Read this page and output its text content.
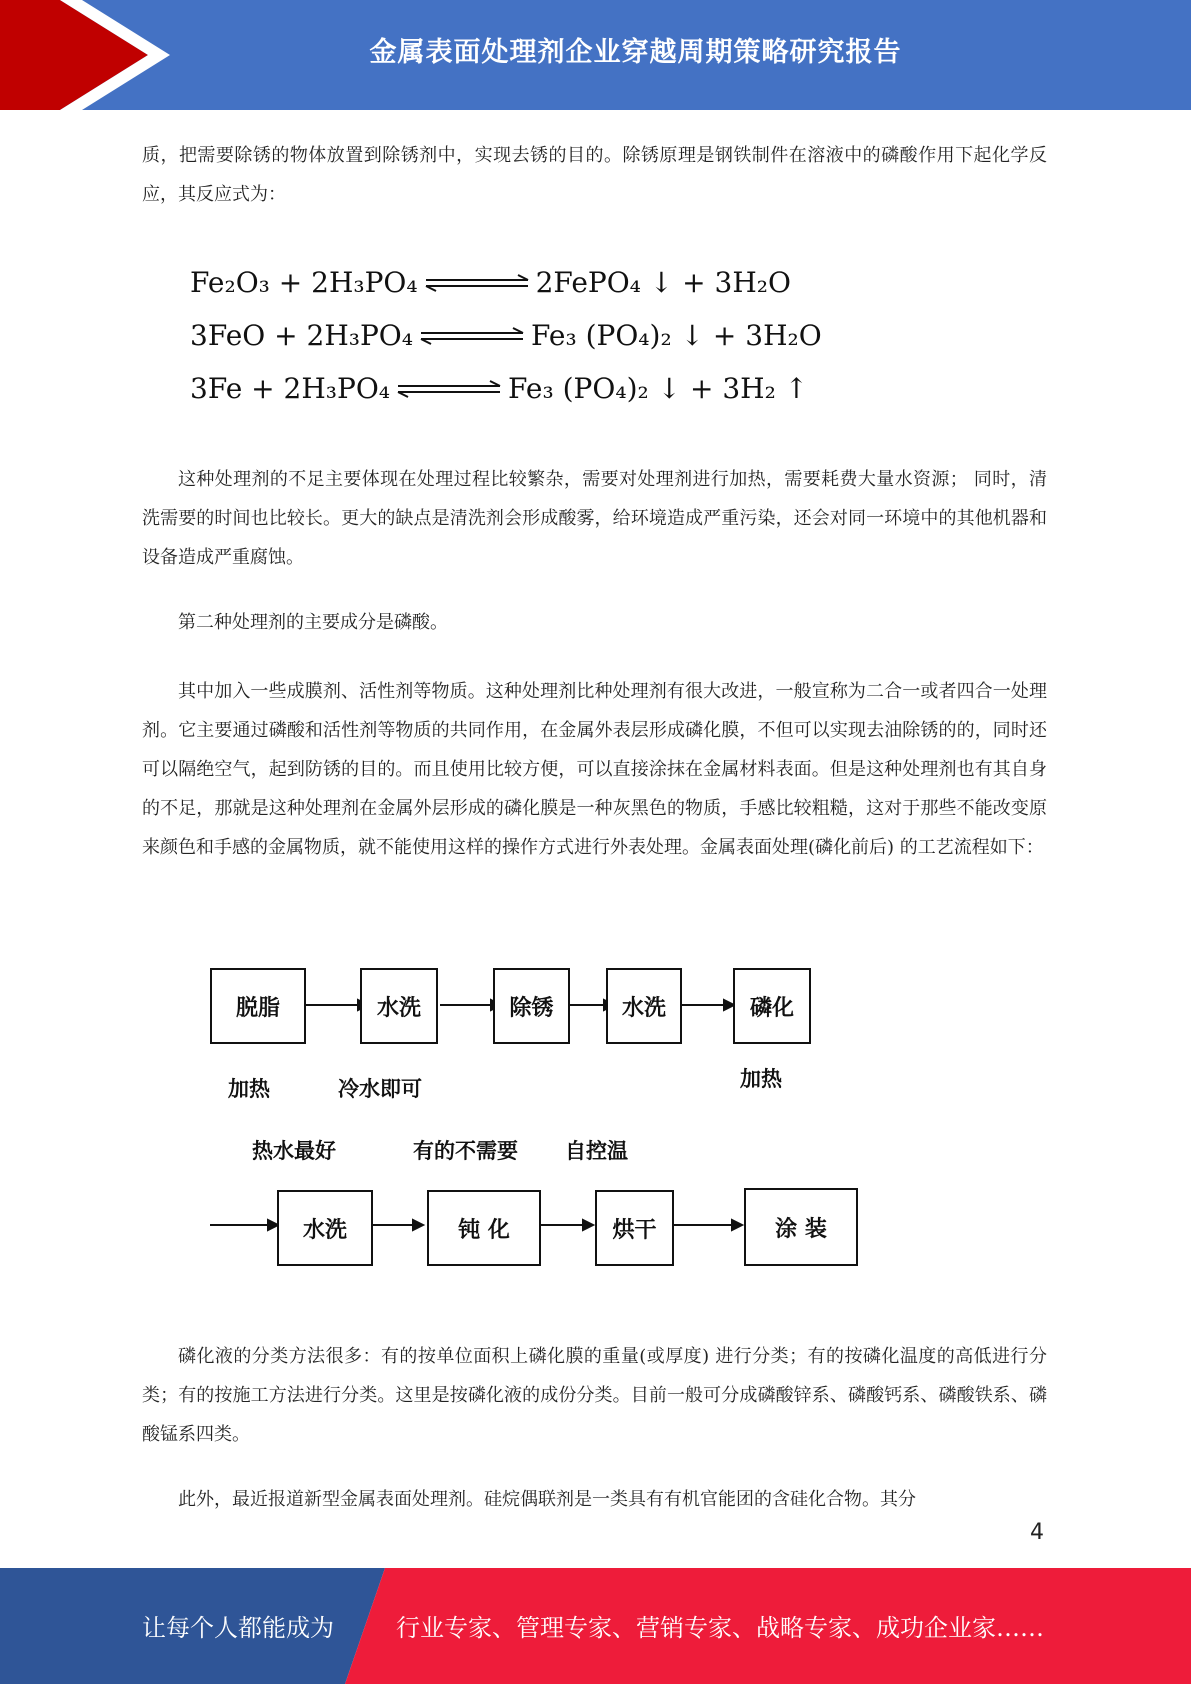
金属表面处理剂企业穿越周期策略研究报告

质，把需要除锈的物体放置到除锈剂中，实现去锈的目的。除锈原理是钢铁制件在溶液中的磷酸作用下起化学反应，其反应式为：

Fe₂O₃ + 2H₃PO₄ ⇌ 2FePO₄ ↓ + 3H₂O
3FeO + 2H₃PO₄ ⇌ Fe₃ (PO₄)₂ ↓ + 3H₂O
3Fe + 2H₃PO₄ ⇌ Fe₃ (PO₄)₂ ↓ + 3H₂ ↑

这种处理剂的不足主要体现在处理过程比较繁杂，需要对处理剂进行加热，需要耗费大量水资源； 同时，清洗需要的时间也比较长。更大的缺点是清洗剂会形成酸雾，给环境造成严重污染，还会对同一环境中的其他机器和设备造成严重腐蚀。

第二种处理剂的主要成分是磷酸。

其中加入一些成膜剂、活性剂等物质。这种处理剂比种处理剂有很大改进，一般宣称为二合一或者四合一处理剂。它主要通过磷酸和活性剂等物质的共同作用，在金属外表层形成磷化膜，不但可以实现去油除锈的的，同时还可以隔绝空气，起到防锈的目的。而且使用比较方便，可以直接涂抹在金属材料表面。但是这种处理剂也有其自身的不足，那就是这种处理剂在金属外层形成的磷化膜是一种灰黑色的物质，手感比较粗糙，这对于那些不能改变原来颜色和手感的金属物质，就不能使用这样的操作方式进行外表处理。金属表面处理(磷化前后) 的工艺流程如下：

脱脂	水洗	除锈	水洗	磷化
加热	冷水即可	加热
热水最好	有的不需要 自控温
水洗	钝 化	烘干	涂 装

磷化液的分类方法很多：有的按单位面积上磷化膜的重量(或厚度) 进行分类；有的按磷化温度的高低进行分类；有的按施工方法进行分类。这里是按磷化液的成份分类。目前一般可分成磷酸锌系、磷酸钙系、磷酸铁系、磷酸锰系四类。

此外，最近报道新型金属表面处理剂。硅烷偶联剂是一类具有有机官能团的含硅化合物。其分

4
让每个人都能成为	行业专家、管理专家、营销专家、战略专家、成功企业家……
